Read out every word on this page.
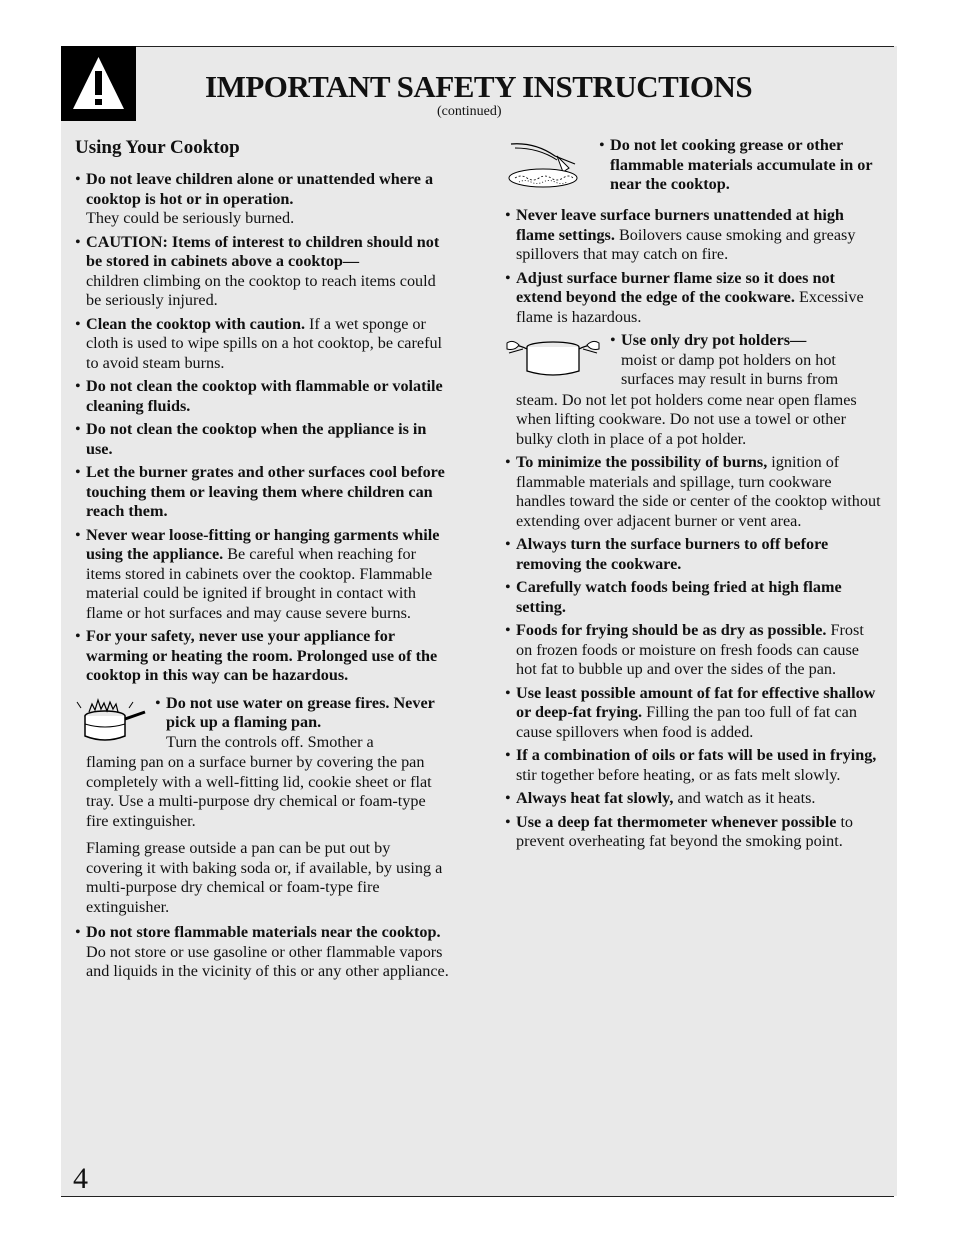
IMPORTANT SAFETY INSTRUCTIONS
(continued)
Using Your Cooktop
• Do not leave children alone or unattended where a cooktop is hot or in operation.
They could be seriously burned.
• CAUTION: Items of interest to children should not be stored in cabinets above a cooktop—
children climbing on the cooktop to reach items could be seriously injured.
• Clean the cooktop with caution. If a wet sponge or cloth is used to wipe spills on a hot cooktop, be careful to avoid steam burns.
• Do not clean the cooktop with flammable or volatile cleaning fluids.
• Do not clean the cooktop when the appliance is in use.
• Let the burner grates and other surfaces cool before touching them or leaving them where children can reach them.
• Never wear loose-fitting or hanging garments while using the appliance. Be careful when reaching for items stored in cabinets over the cooktop. Flammable material could be ignited if brought in contact with flame or hot surfaces and may cause severe burns.
• For your safety, never use your appliance for warming or heating the room. Prolonged use of the cooktop in this way can be hazardous.
• Do not use water on grease fires. Never pick up a flaming pan.
Turn the controls off. Smother a
flaming pan on a surface burner by covering the pan completely with a well-fitting lid, cookie sheet or flat tray. Use a multi-purpose dry chemical or foam-type fire extinguisher.
Flaming grease outside a pan can be put out by covering it with baking soda or, if available, by using a multi-purpose dry chemical or foam-type fire extinguisher.
• Do not store flammable materials near the cooktop. Do not store or use gasoline or other flammable vapors and liquids in the vicinity of this or any other appliance.
• Do not let cooking grease or other flammable materials accumulate in or near the cooktop.
• Never leave surface burners unattended at high flame settings. Boilovers cause smoking and greasy spillovers that may catch on fire.
• Adjust surface burner flame size so it does not extend beyond the edge of the cookware. Excessive flame is hazardous.
• Use only dry pot holders—
moist or damp pot holders on hot surfaces may result in burns from
steam. Do not let pot holders come near open flames when lifting cookware. Do not use a towel or other bulky cloth in place of a pot holder.
• To minimize the possibility of burns, ignition of flammable materials and spillage, turn cookware handles toward the side or center of the cooktop without extending over adjacent burner or vent area.
• Always turn the surface burners to off before removing the cookware.
• Carefully watch foods being fried at high flame setting.
• Foods for frying should be as dry as possible. Frost on frozen foods or moisture on fresh foods can cause hot fat to bubble up and over the sides of the pan.
• Use least possible amount of fat for effective shallow or deep-fat frying. Filling the pan too full of fat can cause spillovers when food is added.
• If a combination of oils or fats will be used in frying, stir together before heating, or as fats melt slowly.
• Always heat fat slowly, and watch as it heats.
• Use a deep fat thermometer whenever possible to prevent overheating fat beyond the smoking point.
4
